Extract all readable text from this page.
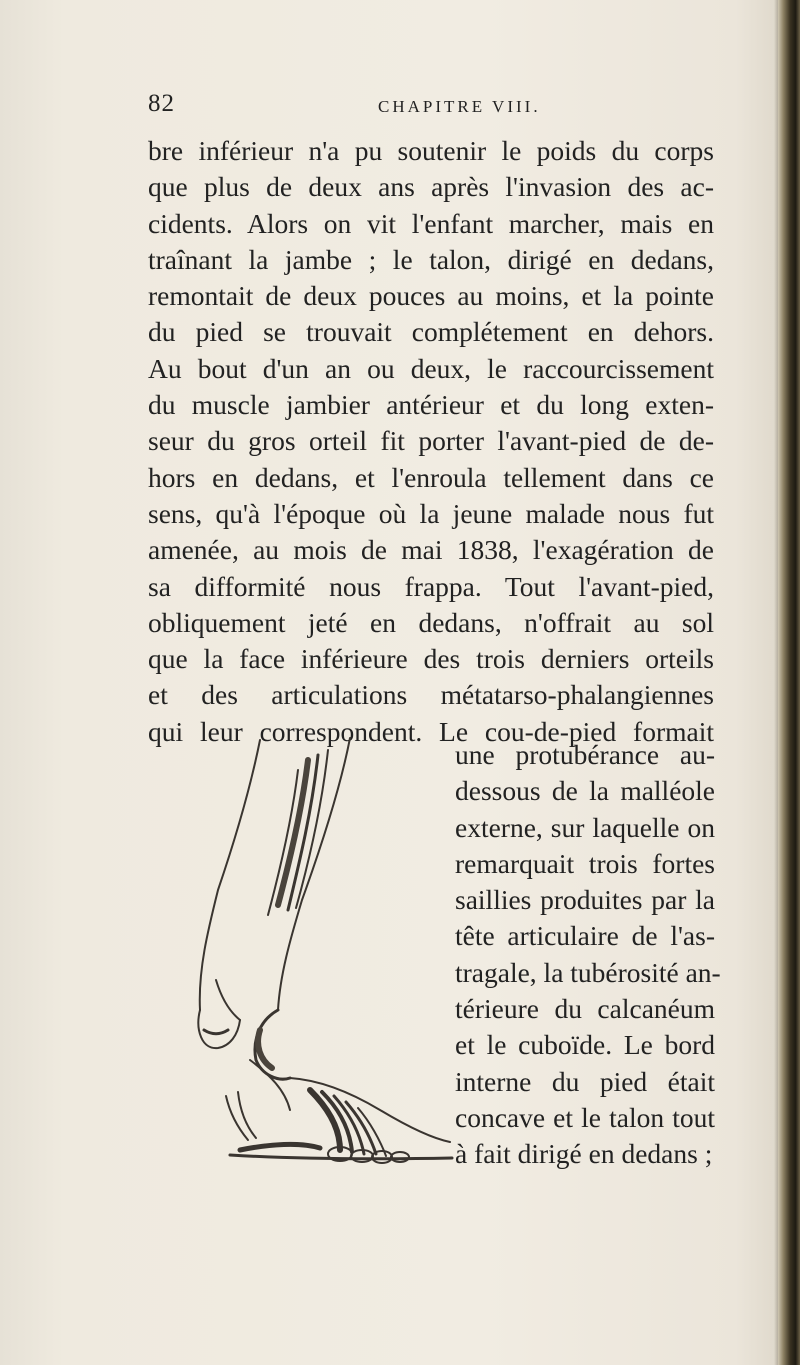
82	CHAPITRE VIII.
bre inférieur n'a pu soutenir le poids du corps
que plus de deux ans après l'invasion des ac-
cidents. Alors on vit l'enfant marcher, mais en
traînant la jambe ; le talon, dirigé en dedans,
remontait de deux pouces au moins, et la pointe
du pied se trouvait complétement en dehors.
Au bout d'un an ou deux, le raccourcissement
du muscle jambier antérieur et du long exten-
seur du gros orteil fit porter l'avant-pied de de-
hors en dedans, et l'enroula tellement dans ce
sens, qu'à l'époque où la jeune malade nous fut
amenée, au mois de mai 1838, l'exagération de
sa difformité nous frappa. Tout l'avant-pied,
obliquement jeté en dedans, n'offrait au sol
que la face inférieure des trois derniers orteils
et des articulations métatarso-phalangiennes
qui leur correspondent. Le cou-de-pied formait
une protubérance au-
dessous de la malléole
externe, sur laquelle on
remarquait trois fortes
saillies produites par la
tête articulaire de l'as-
tragale, la tubérosité an-
térieure du calcanéum
et le cuboïde. Le bord
interne du pied était
concave et le talon tout
à fait dirigé en dedans ;
